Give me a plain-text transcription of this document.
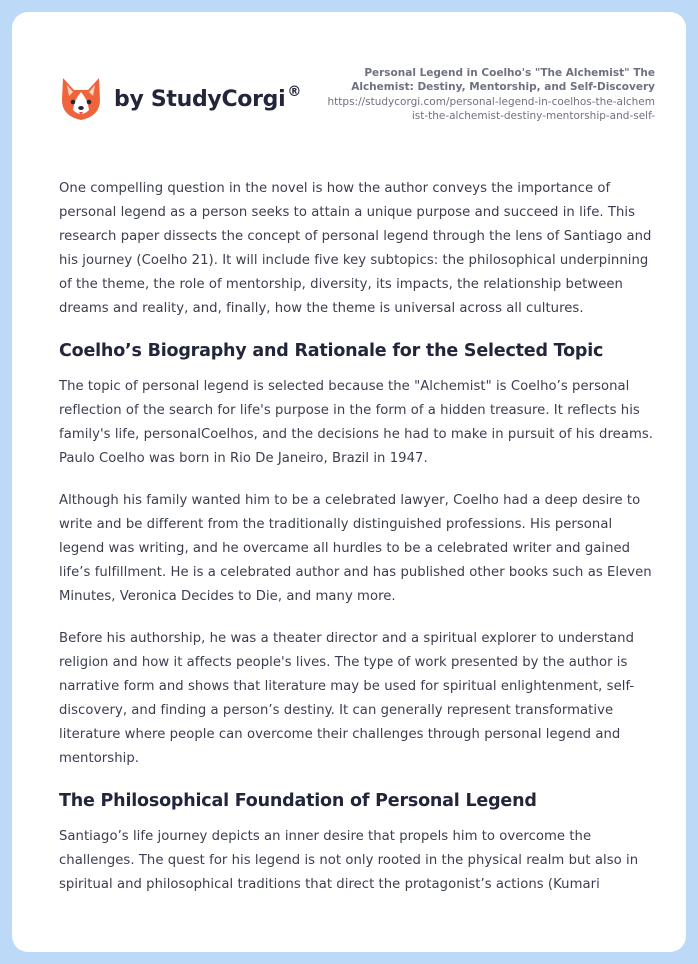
by StudyCorgi ®
Personal Legend in Coelho's "The Alchemist" The Alchemist: Destiny, Mentorship, and Self-Discovery
https://studycorgi.com/personal-legend-in-coelhos-the-alchemist-the-alchemist-destiny-mentorship-and-self-

One compelling question in the novel is how the author conveys the importance of personal legend as a person seeks to attain a unique purpose and succeed in life. This research paper dissects the concept of personal legend through the lens of Santiago and his journey (Coelho 21). It will include five key subtopics: the philosophical underpinning of the theme, the role of mentorship, diversity, its impacts, the relationship between dreams and reality, and, finally, how the theme is universal across all cultures.

Coelho’s Biography and Rationale for the Selected Topic

The topic of personal legend is selected because the "Alchemist" is Coelho’s personal reflection of the search for life's purpose in the form of a hidden treasure. It reflects his family's life, personalCoelhos, and the decisions he had to make in pursuit of his dreams. Paulo Coelho was born in Rio De Janeiro, Brazil in 1947.

Although his family wanted him to be a celebrated lawyer, Coelho had a deep desire to write and be different from the traditionally distinguished professions. His personal legend was writing, and he overcame all hurdles to be a celebrated writer and gained life’s fulfillment. He is a celebrated author and has published other books such as Eleven Minutes, Veronica Decides to Die, and many more.

Before his authorship, he was a theater director and a spiritual explorer to understand religion and how it affects people's lives. The type of work presented by the author is narrative form and shows that literature may be used for spiritual enlightenment, self-discovery, and finding a person’s destiny. It can generally represent transformative literature where people can overcome their challenges through personal legend and mentorship.

The Philosophical Foundation of Personal Legend

Santiago’s life journey depicts an inner desire that propels him to overcome the challenges. The quest for his legend is not only rooted in the physical realm but also in spiritual and philosophical traditions that direct the protagonist’s actions (Kumari
